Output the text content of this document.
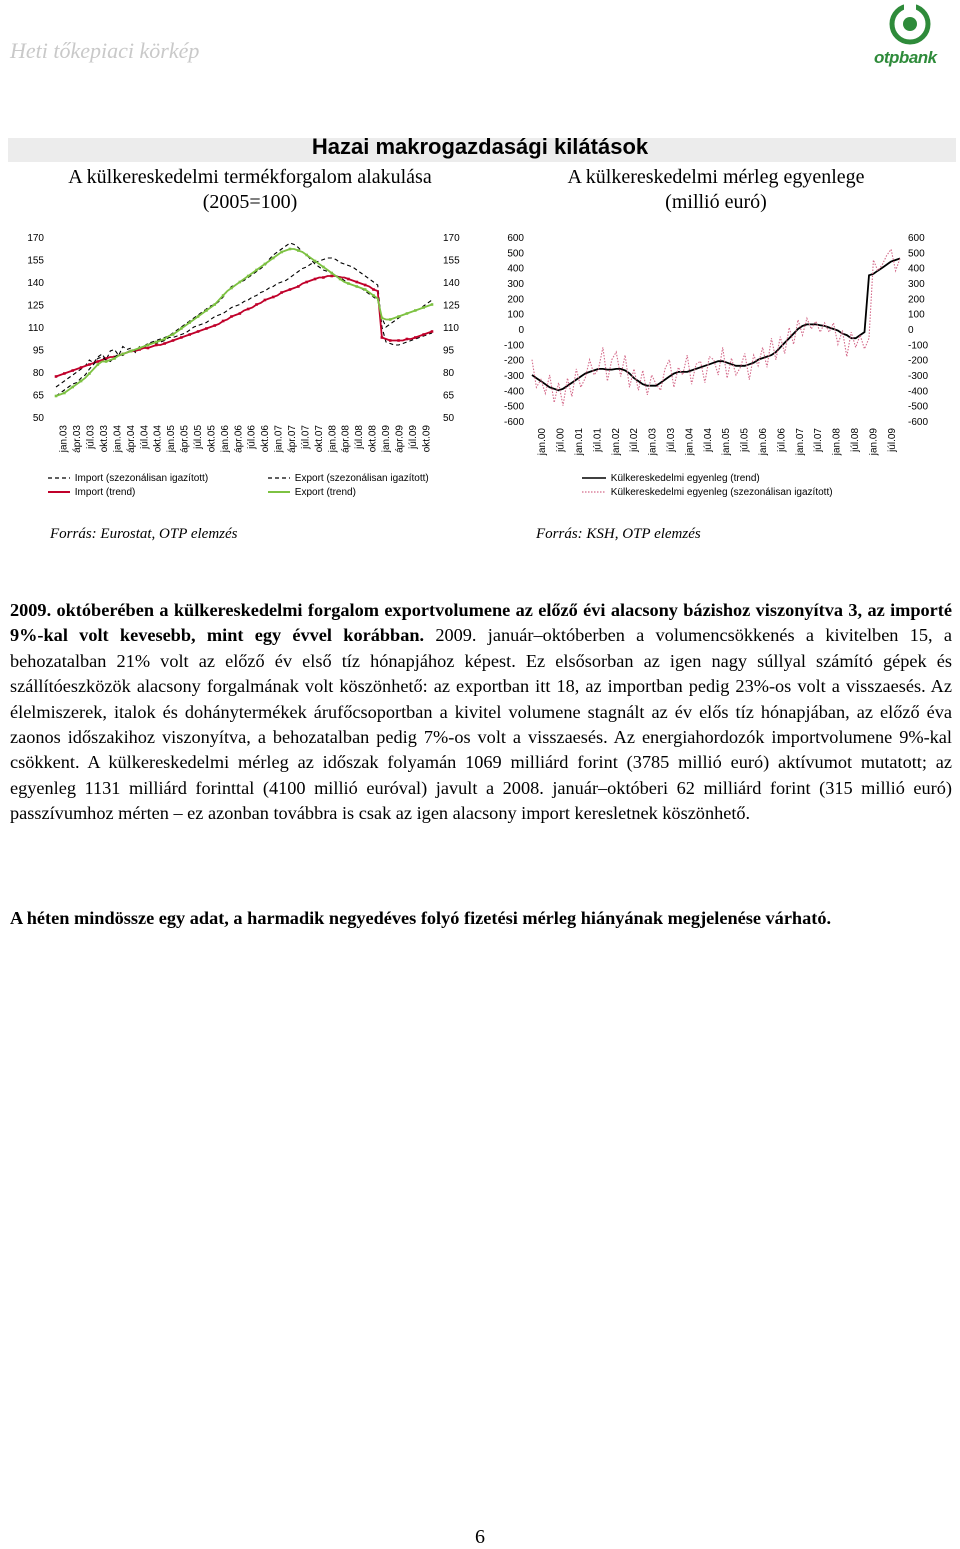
Heti tőkepiaci körkép	otpbank
Hazai makrogazdasági kilátások
A külkereskedelmi termékforgalom alakulása
(2005=100)
A külkereskedelmi mérleg egyenlege
(millió euró)
50	50
65	65
80	80
95	95
110	110
125	125
140	140
155	155
170	170
jan.03 ápr.03 júl.03 okt.03 jan.04 ápr.04 júl.04 okt.04 jan.05 ápr.05 júl.05 okt.05 jan.06 ápr.06 júl.06 okt.06 jan.07 ápr.07 júl.07 okt.07 jan.08 ápr.08 júl.08 okt.08 jan.09 ápr.09 júl.09 okt.09
600	600
500	500
400	400
300	300
200	200
100	100
0	0
-100	-100
-200	-200
-300	-300
-400	-400
-500	-500
-600	-600
jan.00 júl.00 jan.01 júl.01 jan.02 júl.02 jan.03 júl.03 jan.04 júl.04 jan.05 júl.05 jan.06 júl.06 jan.07 júl.07 jan.08 júl.08 jan.09 júl.09
Import (szezonálisan igazított)
Import (trend)
Export (szezonálisan igazított)
Export (trend)
Külkereskedelmi egyenleg (trend)
Külkereskedelmi egyenleg (szezonálisan igazított)
Forrás: Eurostat, OTP elemzés	Forrás: KSH, OTP elemzés
2009. októberében a külkereskedelmi forgalom exportvolumene az előző évi alacsony bázishoz viszonyítva 3, az importé 9%-kal volt kevesebb, mint egy évvel korábban. 2009. január–októberben a volumencsökkenés a kivitelben 15, a behozatalban 21% volt az előző év első tíz hónapjához képest. Ez elsősorban az igen nagy súllyal számító gépek és szállítóeszközök alacsony forgalmának volt köszönhető: az exportban itt 18, az importban pedig 23%-os volt a visszaesés. Az élelmiszerek, italok és dohánytermékek árufőcsoportban a kivitel volumene stagnált az év elős tíz hónapjában, az előző éva zaonos időszakihoz viszonyítva, a behozatalban pedig 7%-os volt a visszaesés. Az energiahordozók importvolumene 9%-kal csökkent. A külkereskedelmi mérleg az időszak folyamán 1069 milliárd forint (3785 millió euró) aktívumot mutatott; az egyenleg 1131 milliárd forinttal (4100 millió euróval) javult a 2008. január–októberi 62 milliárd forint (315 millió euró) passzívumhoz mérten – ez azonban továbbra is csak az igen alacsony import keresletnek köszönhető.
A héten mindössze egy adat, a harmadik negyedéves folyó fizetési mérleg hiányának megjelenése várható.
6
